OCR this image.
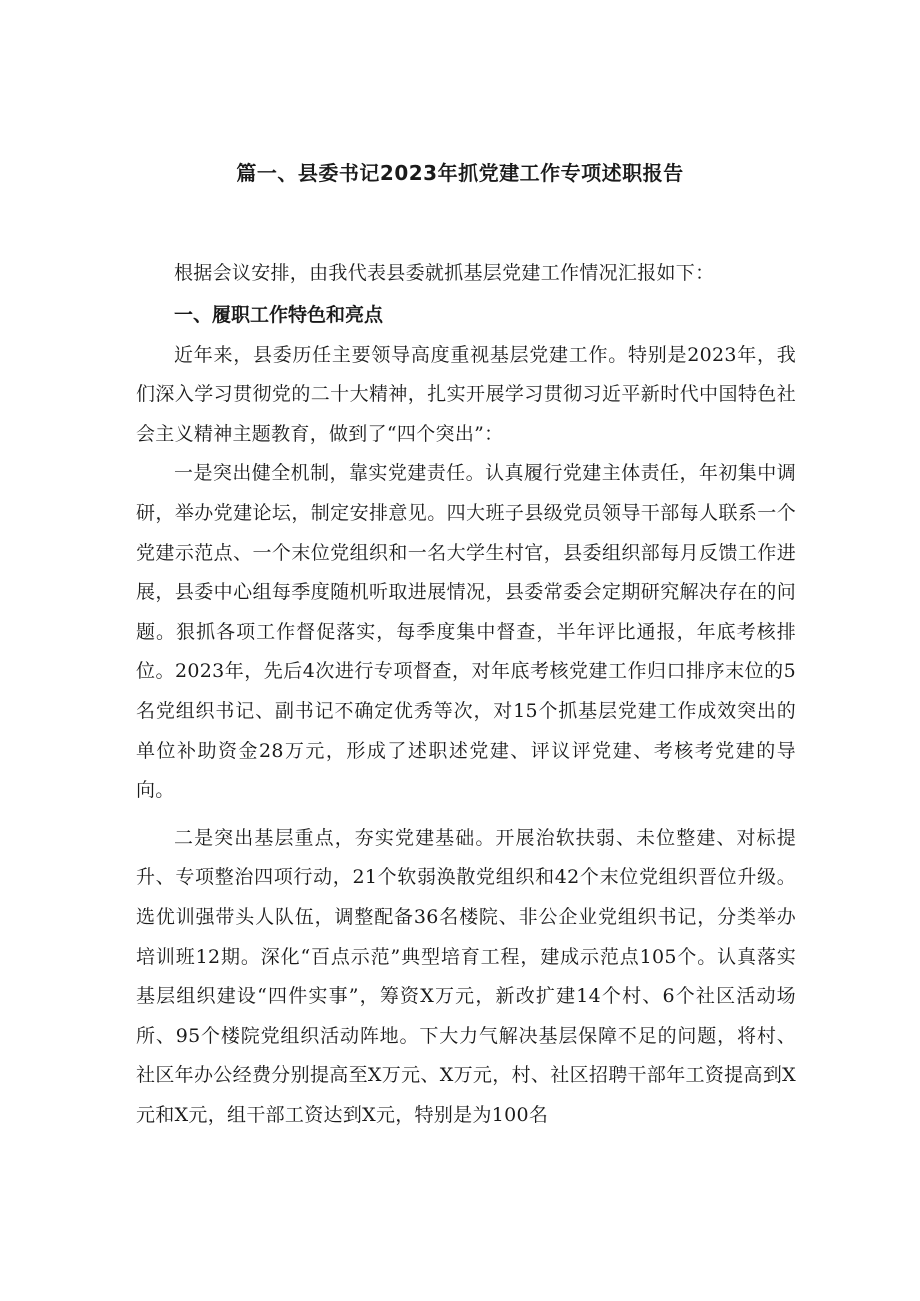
篇一、县委书记2023年抓党建工作专项述职报告

根据会议安排，由我代表县委就抓基层党建工作情况汇报如下：

一、履职工作特色和亮点

近年来，县委历任主要领导高度重视基层党建工作。特别是2023年，我们深入学习贯彻党的二十大精神，扎实开展学习贯彻习近平新时代中国特色社会主义精神主题教育，做到了“四个突出”：

一是突出健全机制，靠实党建责任。认真履行党建主体责任，年初集中调研，举办党建论坛，制定安排意见。四大班子县级党员领导干部每人联系一个党建示范点、一个末位党组织和一名大学生村官，县委组织部每月反馈工作进展，县委中心组每季度随机听取进展情况，县委常委会定期研究解决存在的问题。狠抓各项工作督促落实，每季度集中督查，半年评比通报，年底考核排位。2023年，先后4次进行专项督查，对年底考核党建工作归口排序末位的5名党组织书记、副书记不确定优秀等次，对15个抓基层党建工作成效突出的单位补助资金28万元，形成了述职述党建、评议评党建、考核考党建的导向。

二是突出基层重点，夯实党建基础。开展治软扶弱、未位整建、对标提升、专项整治四项行动，21个软弱涣散党组织和42个末位党组织晋位升级。选优训强带头人队伍，调整配备36名楼院、非公企业党组织书记，分类举办培训班12期。深化“百点示范”典型培育工程，建成示范点105个。认真落实基层组织建设“四件实事”，筹资X万元，新改扩建14个村、6个社区活动场所、95个楼院党组织活动阵地。下大力气解决基层保障不足的问题，将村、社区年办公经费分别提高至X万元、X万元，村、社区招聘干部年工资提高到X元和X元，组干部工资达到X元，特别是为100名
